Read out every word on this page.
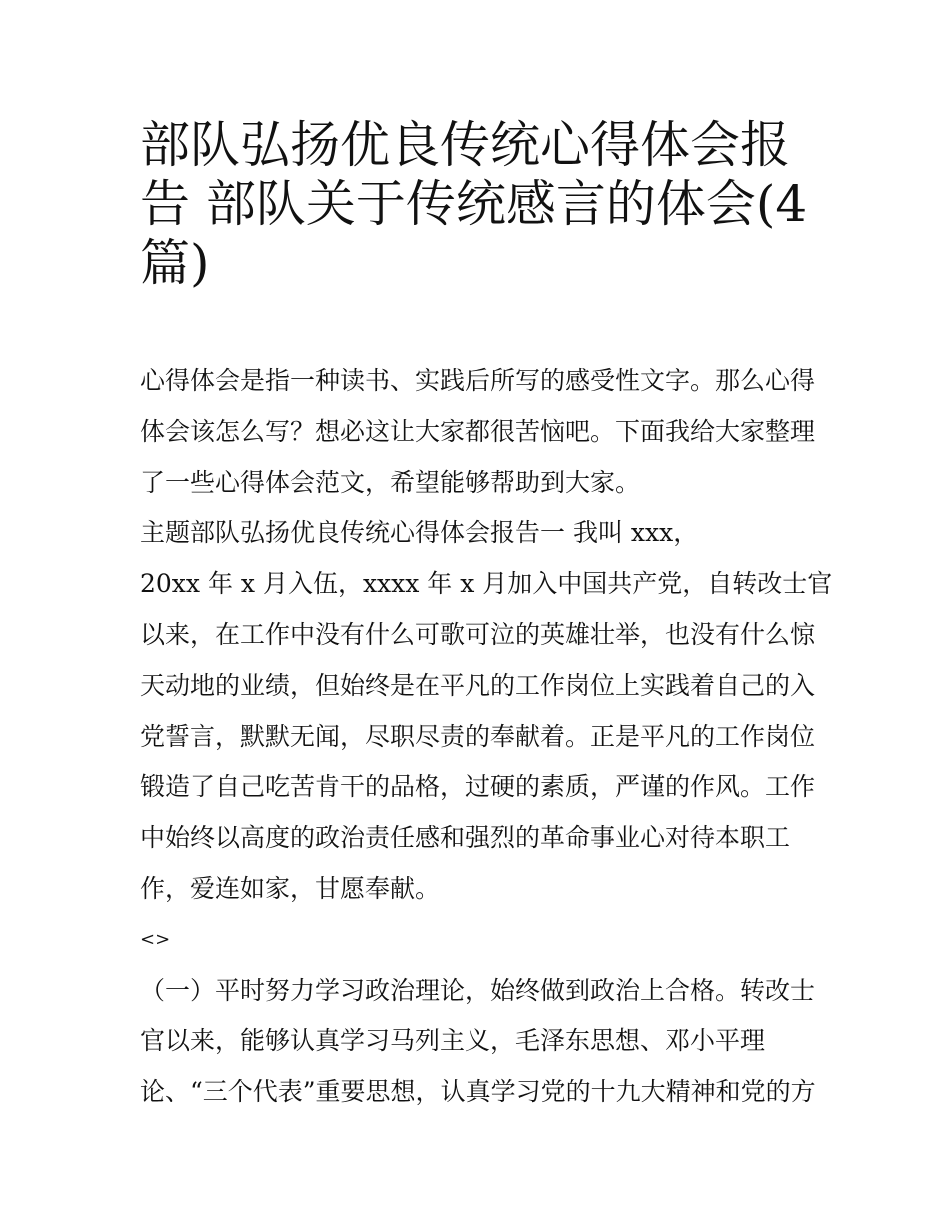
部队弘扬优良传统心得体会报
告 部队关于传统感言的体会(4
篇)
心得体会是指一种读书、实践后所写的感受性文字。那么心得
体会该怎么写？想必这让大家都很苦恼吧。下面我给大家整理
了一些心得体会范文，希望能够帮助到大家。
主题部队弘扬优良传统心得体会报告一 我叫 xxx，
20xx 年 x 月入伍，xxxx 年 x 月加入中国共产党，自转改士官
以来，在工作中没有什么可歌可泣的英雄壮举，也没有什么惊
天动地的业绩，但始终是在平凡的工作岗位上实践着自己的入
党誓言，默默无闻，尽职尽责的奉献着。正是平凡的工作岗位
锻造了自己吃苦肯干的品格，过硬的素质，严谨的作风。工作
中始终以高度的政治责任感和强烈的革命事业心对待本职工
作，爱连如家，甘愿奉献。
<>
（一）平时努力学习政治理论，始终做到政治上合格。转改士
官以来，能够认真学习马列主义，毛泽东思想、邓小平理
论、“三个代表”重要思想，认真学习党的十九大精神和党的方
